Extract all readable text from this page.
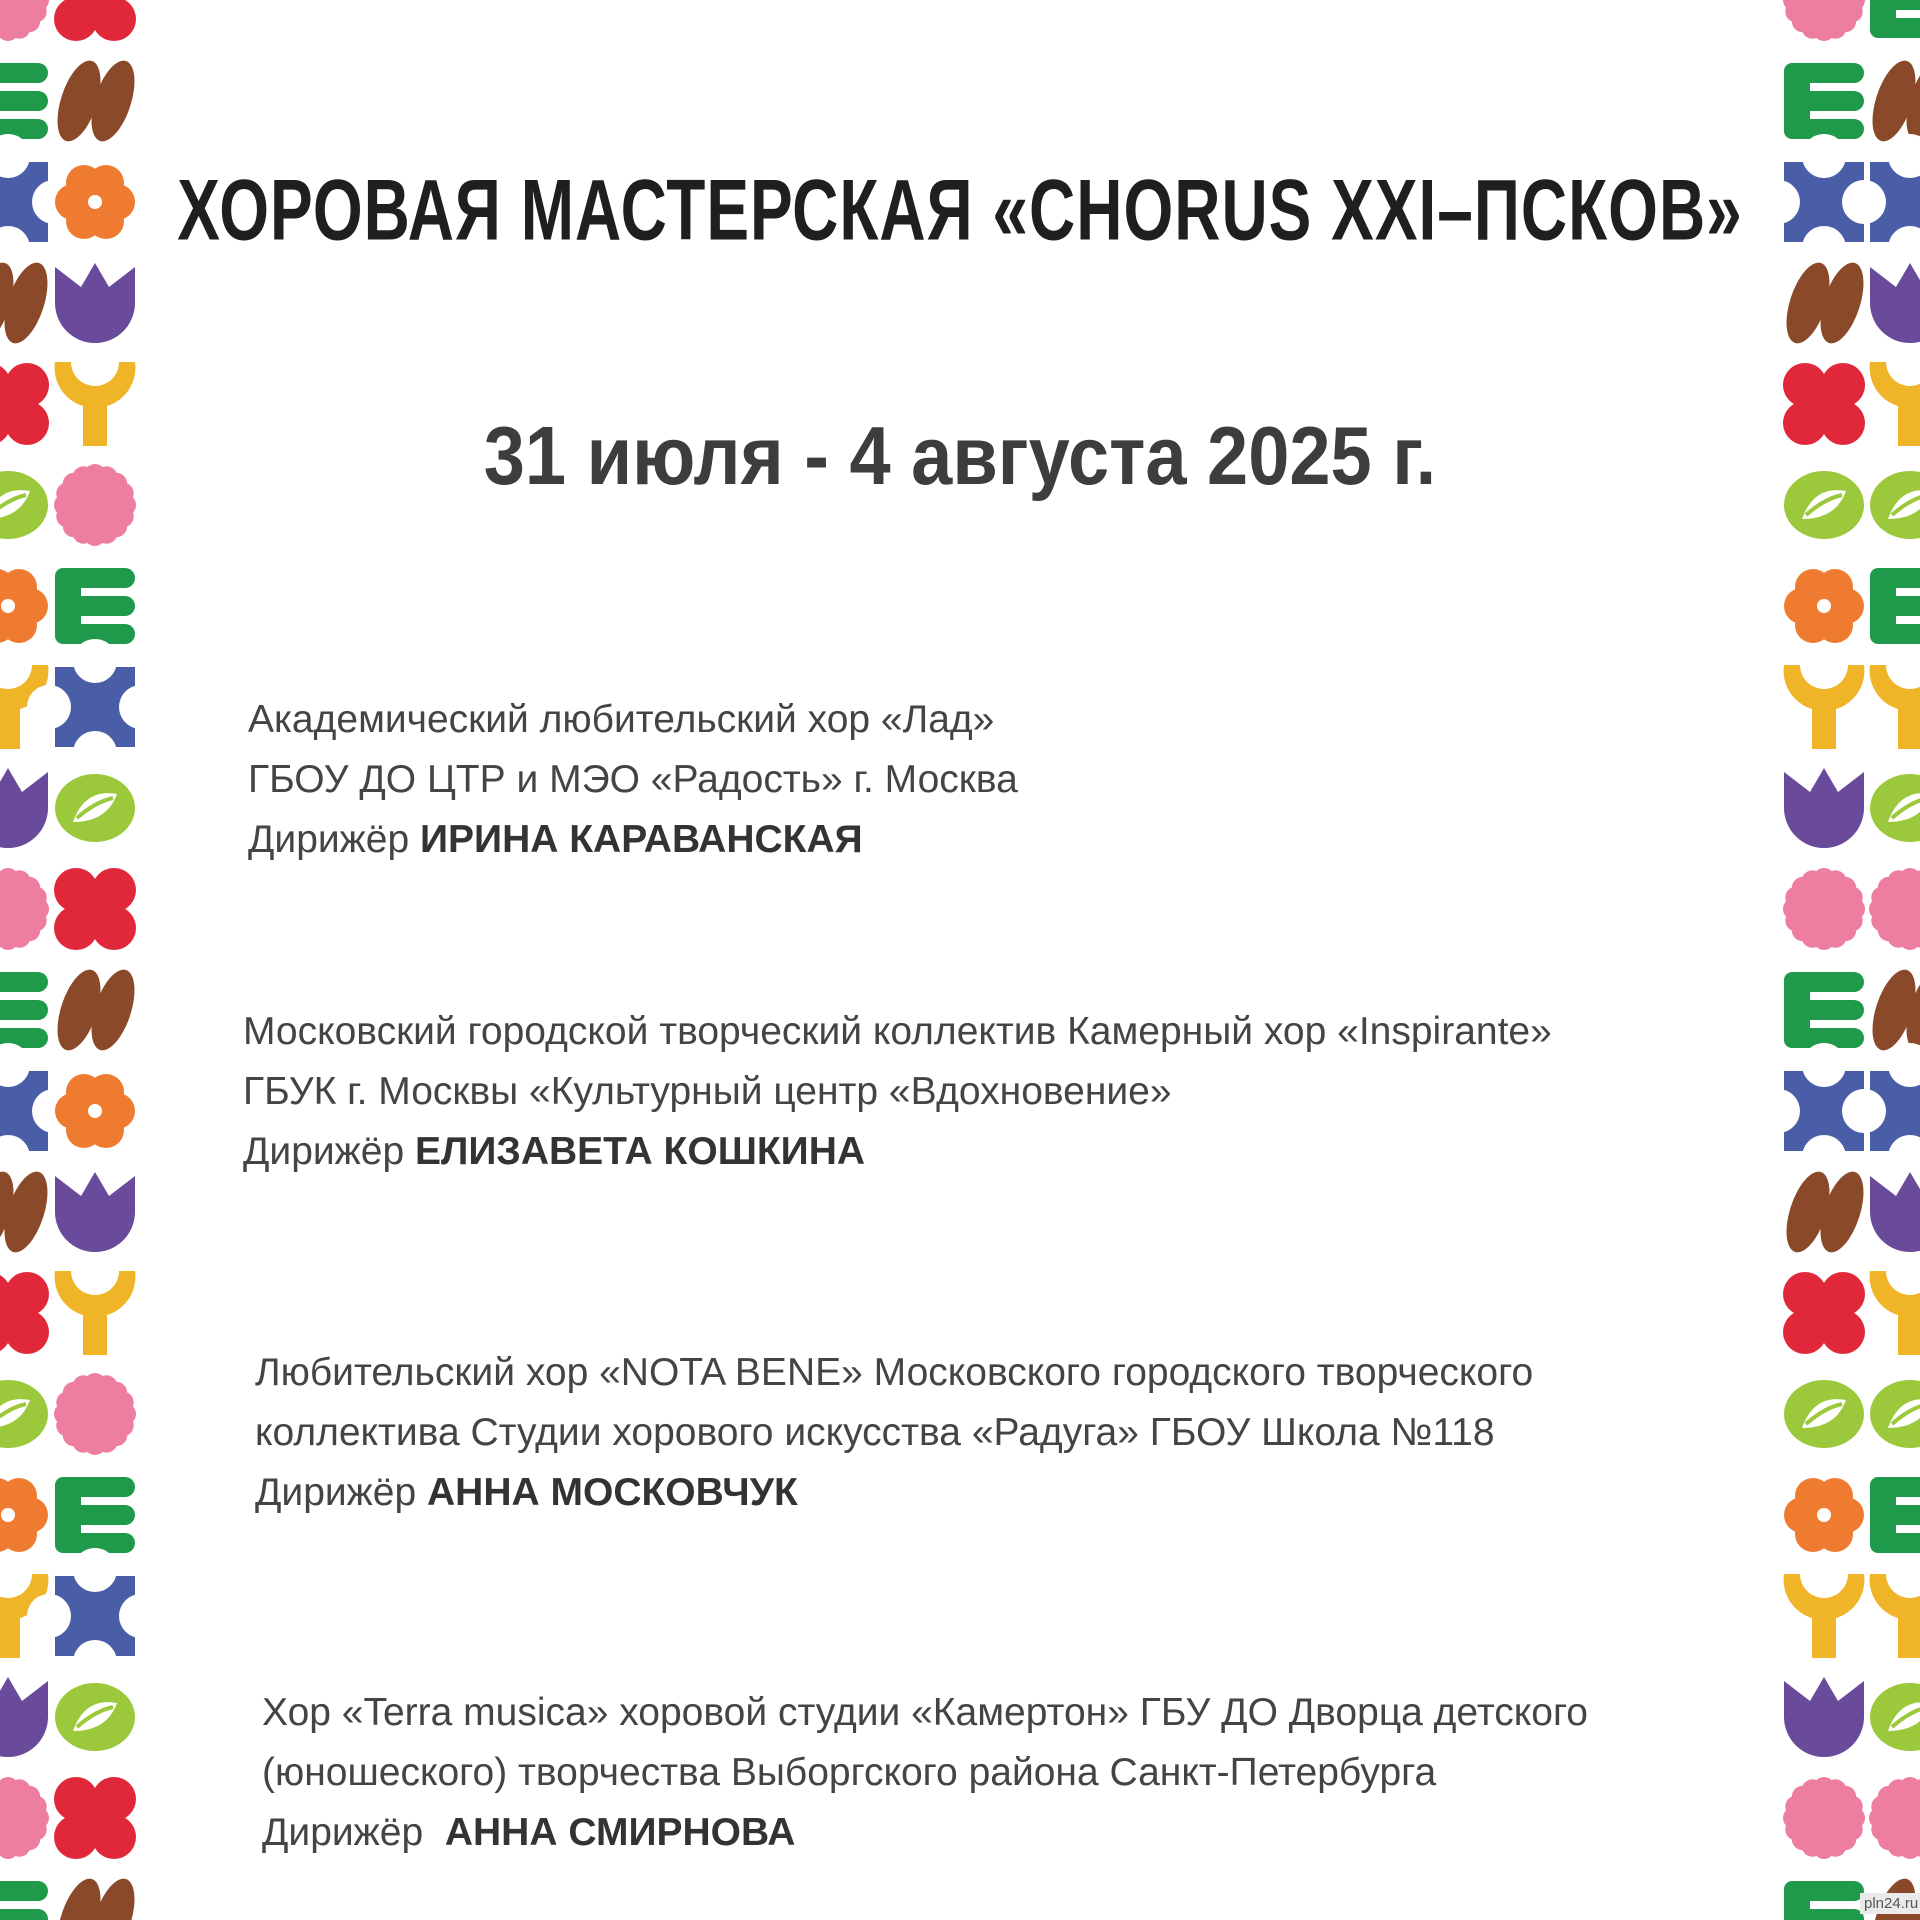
ХОРОВАЯ МАСТЕРСКАЯ «CHORUS XXI–ПСКОВ»
31 июля - 4 августа 2025 г.
Академический любительский хор «Лад»
ГБОУ ДО ЦТР и МЭО «Радость» г. Москва
Дирижёр ИРИНА КАРАВАНСКАЯ
Московский городской творческий коллектив Камерный хор «Inspirante»
ГБУК г. Москвы «Культурный центр «Вдохновение»
Дирижёр ЕЛИЗАВЕТА КОШКИНА
Любительский хор «NOTA BENE» Московского городского творческого
коллектива Студии хорового искусства «Радуга» ГБОУ Школа №118
Дирижёр АННА МОСКОВЧУК
Хор «Terra musica» хоровой студии «Камертон» ГБУ ДО Дворца детского
(юношеского) творчества Выборгского района Санкт-Петербурга
Дирижёр АННА СМИРНОВА
pln24.ru
